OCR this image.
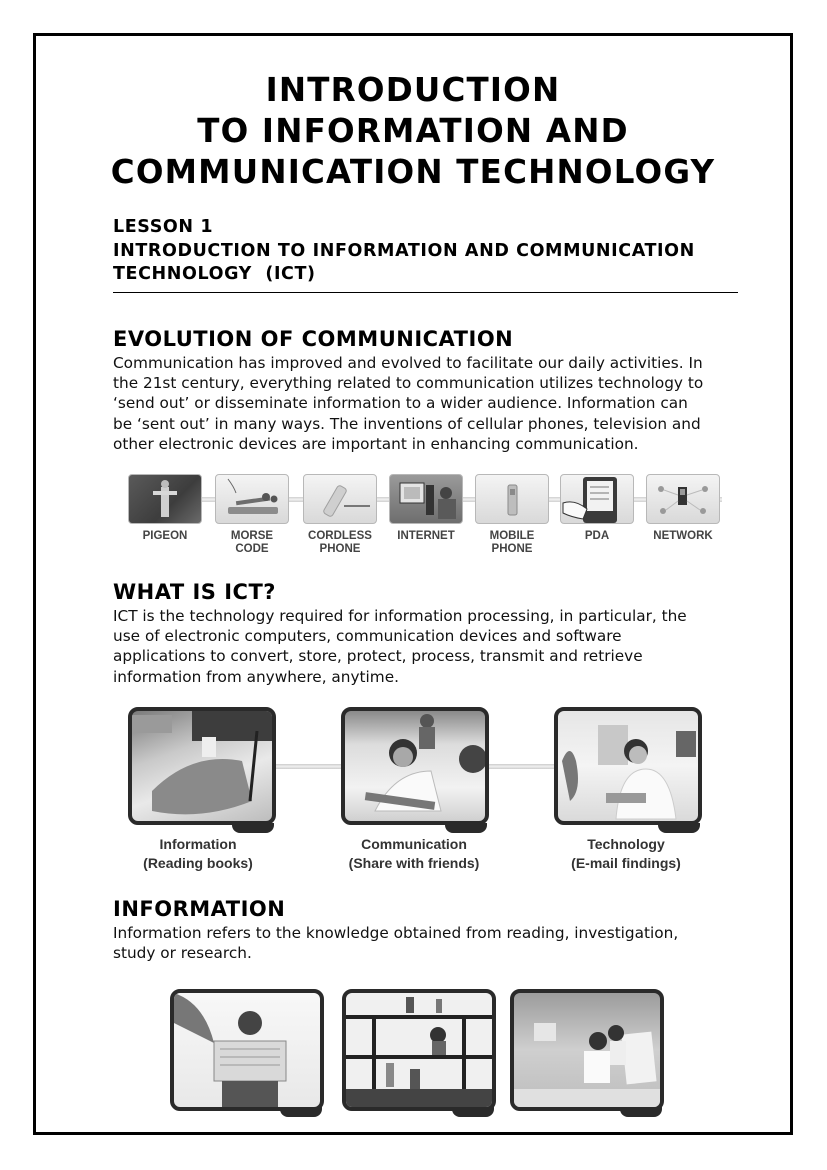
INTRODUCTION
TO INFORMATION AND
COMMUNICATION TECHNOLOGY
LESSON 1
INTRODUCTION TO INFORMATION AND COMMUNICATION
TECHNOLOGY  (ICT)
EVOLUTION OF COMMUNICATION
Communication has improved and evolved to facilitate our daily activities. In
the 21st century, everything related to communication utilizes technology to
‘send out’ or disseminate information to a wider audience. Information can
be ‘sent out’ in many ways. The inventions of cellular phones, television and
other electronic devices are important in enhancing communication.
PIGEON	MORSE
CODE
CORDLESS
PHONE
INTERNET	MOBILE
PHONE
PDA	NETWORK
WHAT IS ICT?
ICT is the technology required for information processing, in particular, the
use of electronic computers, communication devices and software
applications to convert, store, protect, process, transmit and retrieve
information from anywhere, anytime.
Information
(Reading books)
Communication
(Share with friends)
Technology
(E-mail findings)
INFORMATION
Information refers to the knowledge obtained from reading, investigation,
study or research.
